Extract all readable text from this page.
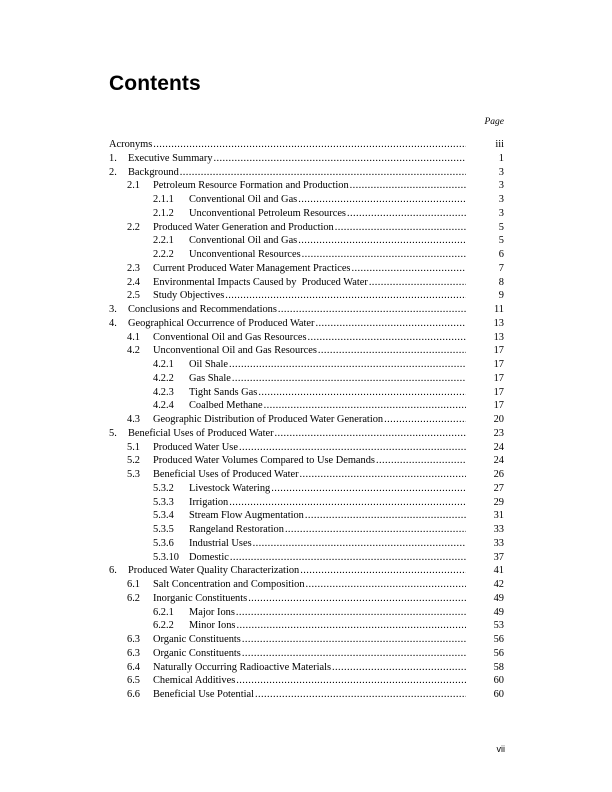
Contents
Page
Acronyms .....	iii
1.	Executive Summary .....	1
2.	Background .....	3
2.1	Petroleum Resource Formation and Production .....	3
2.1.1	Conventional Oil and Gas .....	3
2.1.2	Unconventional Petroleum Resources .....	3
2.2	Produced Water Generation and Production .....	5
2.2.1	Conventional Oil and Gas .....	5
2.2.2	Unconventional Resources .....	6
2.3	Current Produced Water Management Practices .....	7
2.4	Environmental Impacts Caused by  Produced Water .....	8
2.5	Study Objectives .....	9
3.	Conclusions and Recommendations .....	11
4.	Geographical Occurrence of Produced Water .....	13
4.1	Conventional Oil and Gas Resources .....	13
4.2	Unconventional Oil and Gas Resources .....	17
4.2.1	Oil Shale .....	17
4.2.2	Gas Shale .....	17
4.2.3	Tight Sands Gas .....	17
4.2.4	Coalbed Methane .....	17
4.3	Geographic Distribution of Produced Water Generation .....	20
5.	Beneficial Uses of Produced Water .....	23
5.1	Produced Water Use .....	24
5.2	Produced Water Volumes Compared to Use Demands .....	24
5.3	Beneficial Uses of Produced Water .....	26
5.3.2	Livestock Watering .....	27
5.3.3	Irrigation .....	29
5.3.4	Stream Flow Augmentation .....	31
5.3.5	Rangeland Restoration .....	33
5.3.6	Industrial Uses .....	33
5.3.10 Domestic .....	37
6.	Produced Water Quality Characterization .....	41
6.1	Salt Concentration and Composition .....	42
6.2	Inorganic Constituents .....	49
6.2.1	Major Ions .....	49
6.2.2	Minor Ions .....	53
6.3	Organic Constituents .....	56
6.3	Organic Constituents .....	56
6.4	Naturally Occurring Radioactive Materials .....	58
6.5	Chemical Additives .....	60
6.6	Beneficial Use Potential .....	60
vii
